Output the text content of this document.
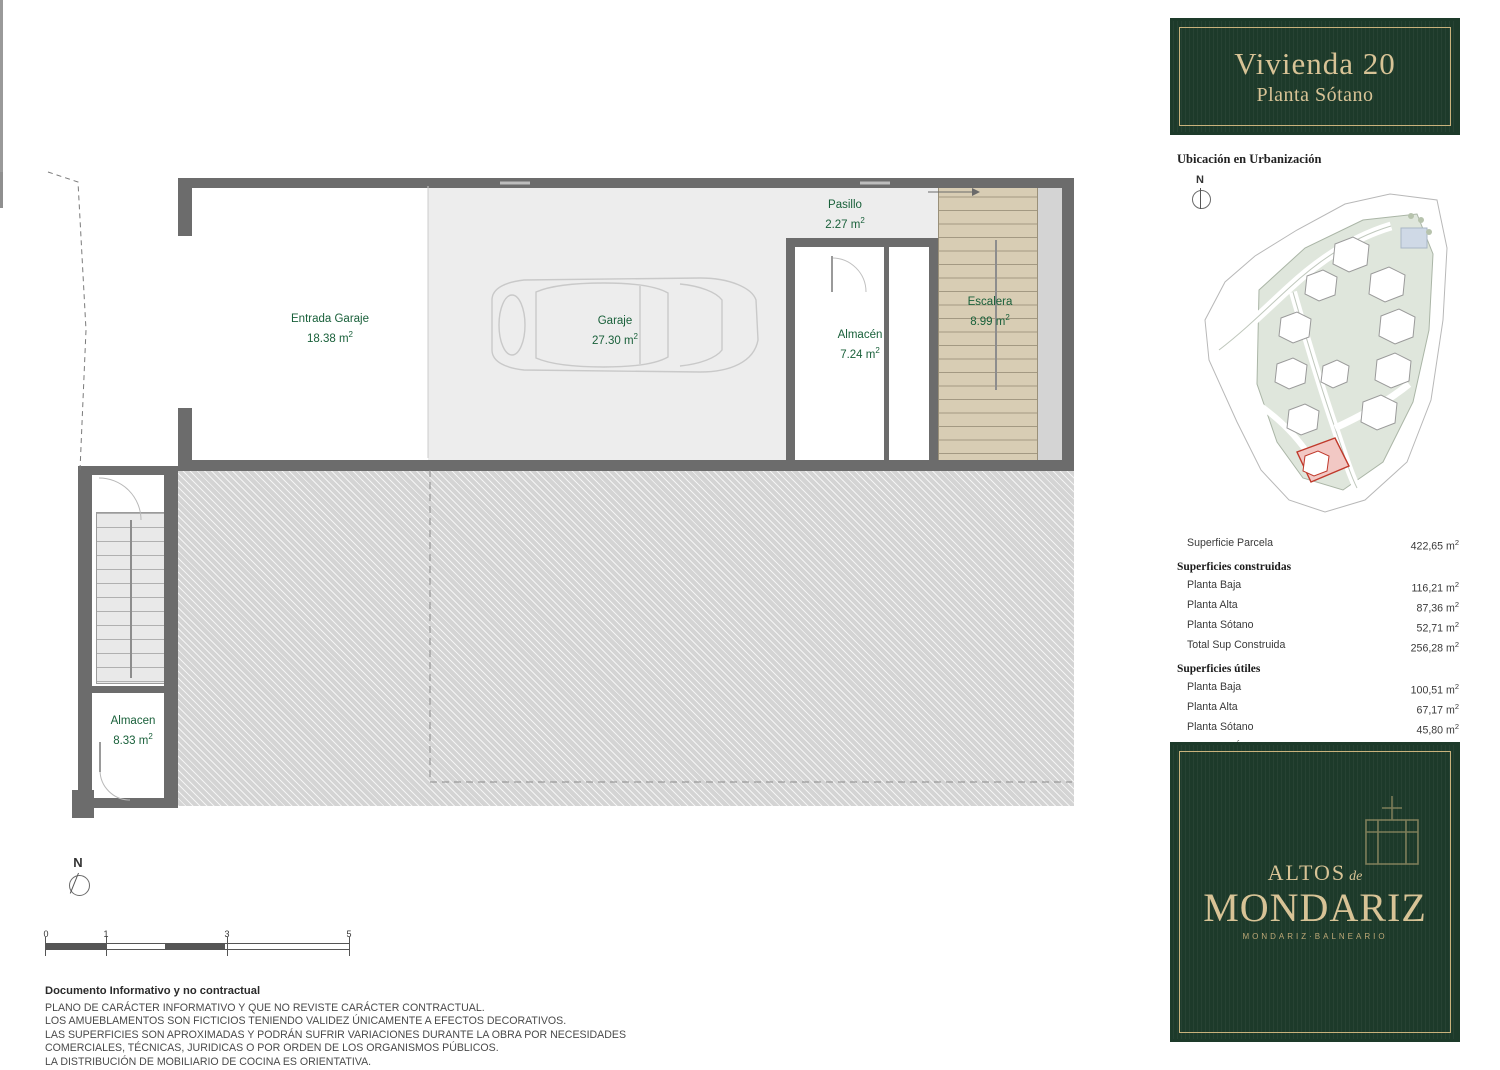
Entrada Garaje
18.38 $m^2$
Garaje
27.30 $m^2$
Pasillo
2.27 $m^2$
Almacén
7.24 $m^2$
Escalera
8.99 $m^2$
Almacen
8.33 $m^2$
N
0	1	3	5
Documento Informativo y no contractual
PLANO DE CARÁCTER INFORMATIVO Y QUE NO REVISTE CARÁCTER CONTRACTUAL.
LOS AMUEBLAMENTOS SON FICTICIOS TENIENDO VALIDEZ ÚNICAMENTE A EFECTOS DECORATIVOS.
LAS SUPERFICIES SON APROXIMADAS Y PODRÁN SUFRIR VARIACIONES DURANTE LA OBRA POR NECESIDADES
COMERCIALES, TÉCNICAS, JURIDICAS O POR ORDEN DE LOS ORGANISMOS PÚBLICOS.
LA DISTRIBUCIÓN DE MOBILIARIO DE COCINA ES ORIENTATIVA.
Vivienda 20
Planta Sótano
Ubicación en Urbanización
N
Superficie Parcela	422,65 $m^2$
Superficies construidas
Planta Baja	116,21 $m^2$
Planta Alta	87,36 $m^2$
Planta Sótano	52,71 $m^2$
Total Sup Construida	256,28 $m^2$
Superficies útiles
Planta Baja	100,51 $m^2$
Planta Alta	67,17 $m^2$
Planta Sótano	45,80 $m^2$
ALTOS de
MONDARIZ
MONDARIZ·BALNEARIO
